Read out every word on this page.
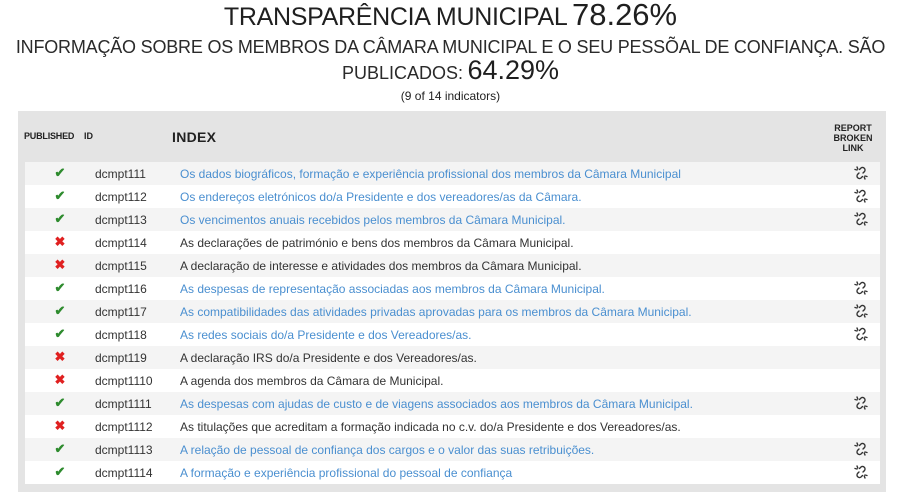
TRANSPARÊNCIA MUNICIPAL 78.26%
INFORMAÇÃO SOBRE OS MEMBROS DA CÂMARA MUNICIPAL E O SEU PESSÕAL DE CONFIANÇA. SÃO
PUBLICADOS: 64.29%
(9 of 14 indicators)
PUBLISHED ID	INDEX
REPORT
BROKEN
LINK
✔ dcmpt111	Os dados biográficos, formação e experiência profissional dos membros da Câmara Municipal
✔ dcmpt112	Os endereços eletrónicos do/a Presidente e dos vereadores/as da Câmara.
✔ dcmpt113	Os vencimentos anuais recebidos pelos membros da Câmara Municipal.
✖ dcmpt114	As declarações de património e bens dos membros da Câmara Municipal.
✖ dcmpt115	A declaração de interesse e atividades dos membros da Câmara Municipal.
✔ dcmpt116	As despesas de representação associadas aos membros da Câmara Municipal.
✔ dcmpt117	As compatibilidades das atividades privadas aprovadas para os membros da Câmara Municipal.
✔ dcmpt118	As redes sociais do/a Presidente e dos Vereadores/as.
✖ dcmpt119	A declaração IRS do/a Presidente e dos Vereadores/as.
✖ dcmpt1110 A agenda dos membros da Câmara de Municipal.
✔ dcmpt1111 As despesas com ajudas de custo e de viagens associados aos membros da Câmara Municipal.
✖ dcmpt1112 As titulações que acreditam a formação indicada no c.v. do/a Presidente e dos Vereadores/as.
✔ dcmpt1113 A relação de pessoal de confiança dos cargos e o valor das suas retribuições.
✔ dcmpt1114 A formação e experiência profissional do pessoal de confiança
